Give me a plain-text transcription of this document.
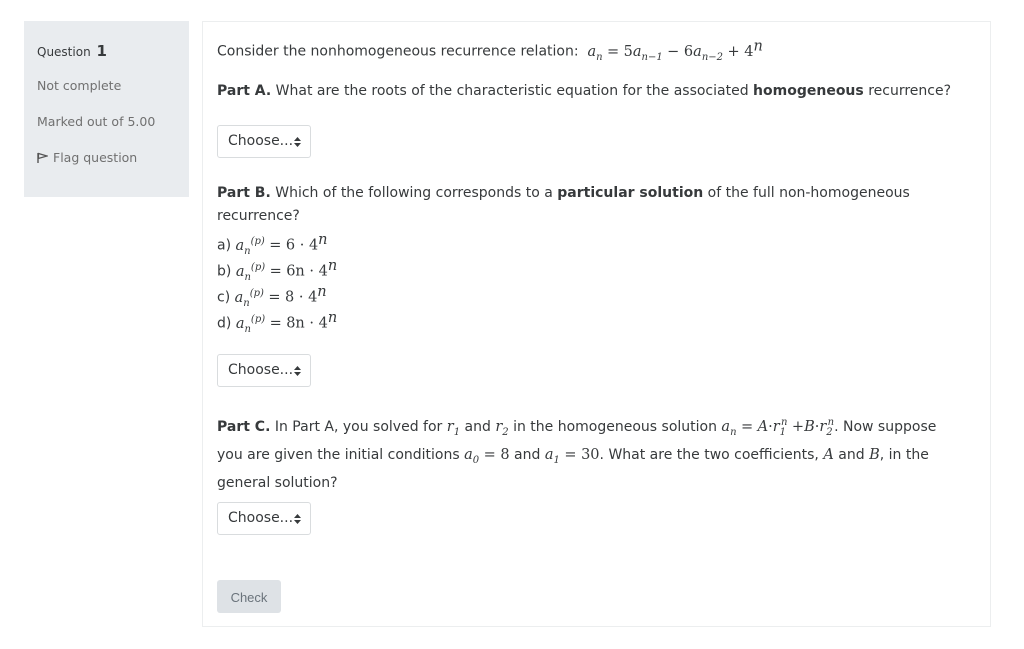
Question 1
Not complete
Marked out of 5.00
Flag question

Consider the nonhomogeneous recurrence relation: $a_n = 5a_{n-1} - 6a_{n-2} + 4^n$

Part A. What are the roots of the characteristic equation for the associated homogeneous recurrence?

Choose...

Part B. Which of the following corresponds to a particular solution of the full non-homogeneous recurrence?

a) $a_n^{(p)} = 6 \cdot 4^n$
b) $a_n^{(p)} = 6n \cdot 4^n$
c) $a_n^{(p)} = 8 \cdot 4^n$
d) $a_n^{(p)} = 8n \cdot 4^n$
Choose...

Part C. In Part A, you solved for $r_1$ and $r_2$ in the homogeneous solution $a_n = A\cdot r_1^n +B\cdot r_2^n$. Now suppose
you are given the initial conditions $a_0 = 8$ and $a_1 = 30$. What are the two coefficients, A and B, in the
general solution?

Choose...
Check
